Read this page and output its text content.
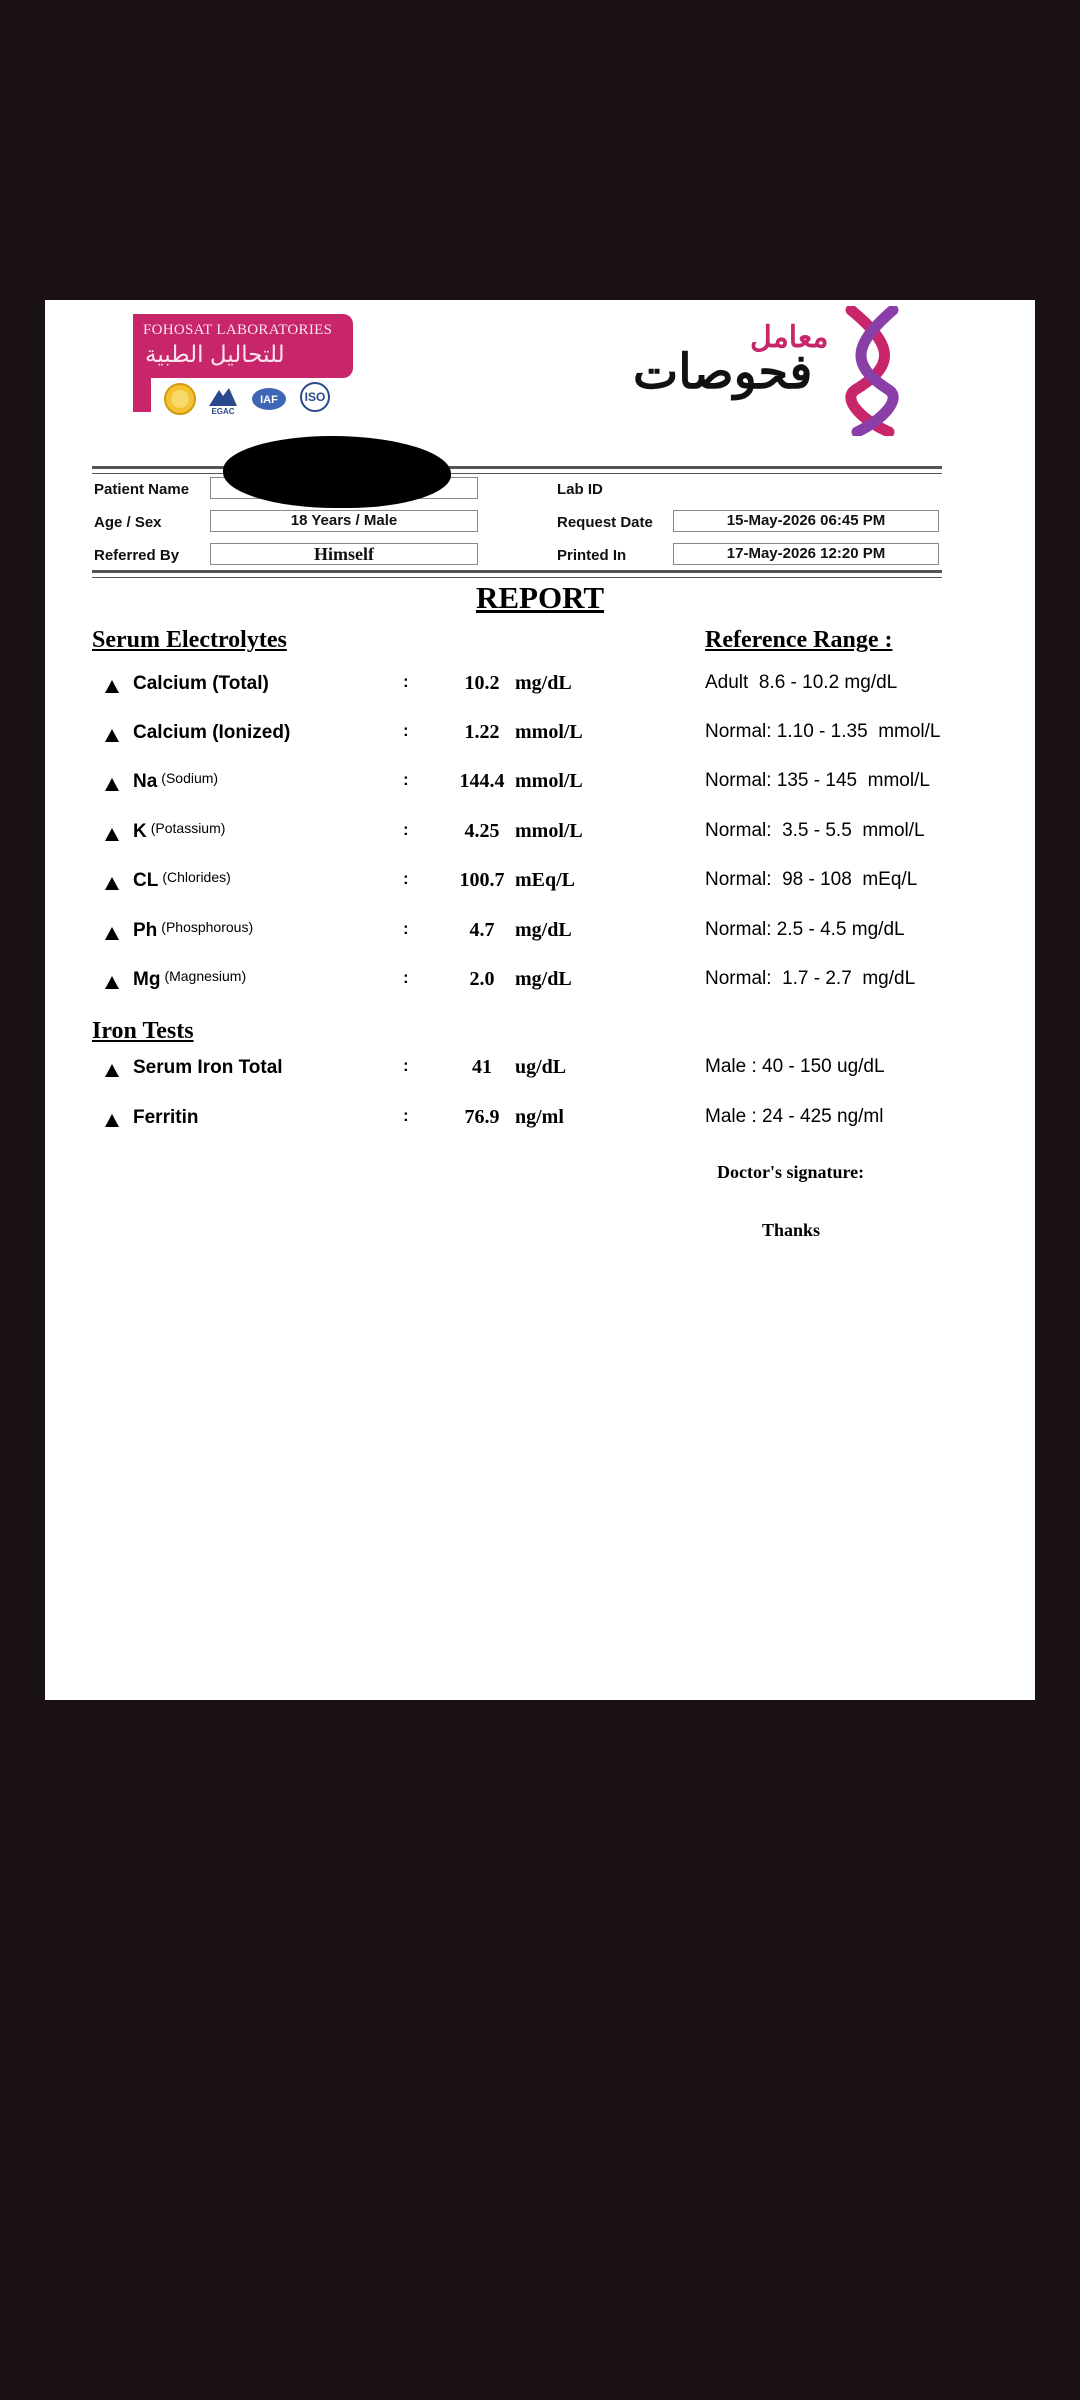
FOHOSAT LABORATORIES
للتحاليل الطبية

EGAC

IAF
ISO
معامل
فحوصات
Patient Name	Lab ID
Age / Sex	18 Years / Male	Request Date	15-May-2026 06:45 PM
Referred By	Himself	Printed In	17-May-2026 12:20 PM
REPORT
Serum Electrolytes	Reference Range :
Calcium (Total)	:	10.2 mg/dL	Adult  8.6 - 10.2 mg/dL
Calcium (Ionized)	:	1.22 mmol/L	Normal: 1.10 - 1.35  mmol/L
Na $^{(Sodium)}$	:	144.4 mmol/L	Normal: 135 - 145  mmol/L
K $^{(Potassium)}$	:	4.25 mmol/L	Normal:  3.5 - 5.5  mmol/L
CL $^{(Chlorides)}$	:	100.7 mEq/L	Normal:  98 - 108  mEq/L
Ph $^{(Phosphorous)}$	:	4.7	mg/dL	Normal: 2.5 - 4.5 mg/dL
Mg $^{(Magnesium)}$	:	2.0	mg/dL	Normal:  1.7 - 2.7  mg/dL
Iron Tests
Serum Iron Total	:	41	ug/dL	Male : 40 - 150 ug/dL
Ferritin	:	76.9 ng/ml	Male : 24 - 425 ng/ml
Doctor's signature:
Thanks
